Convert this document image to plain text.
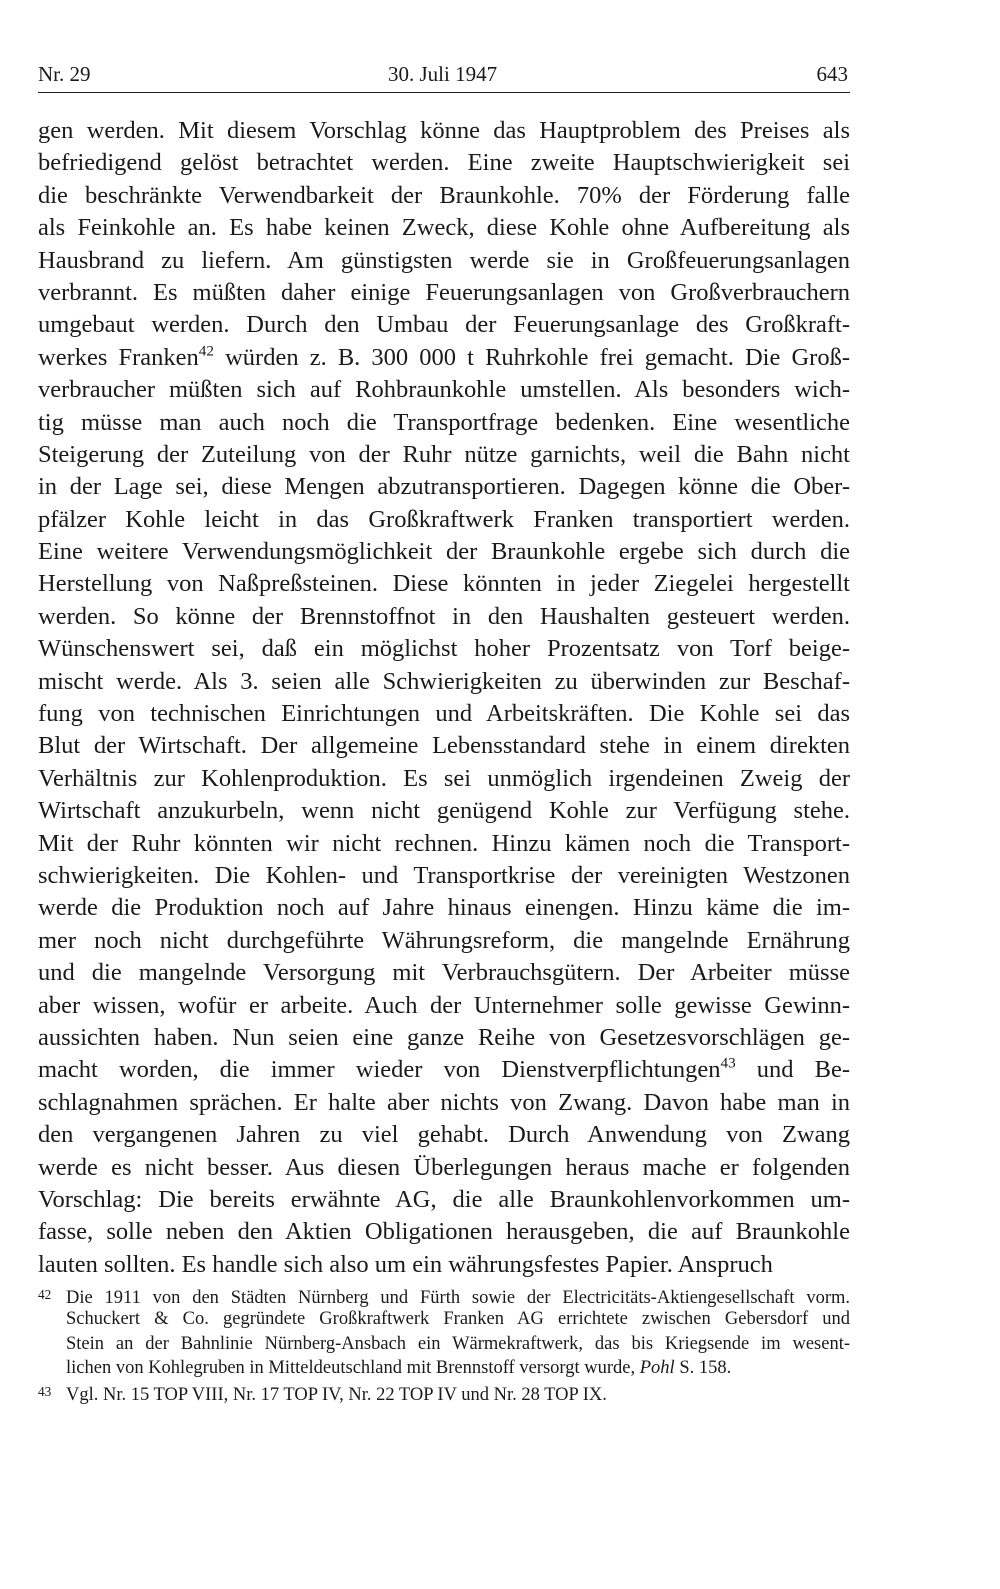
Nr. 29	30. Juli 1947	643
gen werden. Mit diesem Vorschlag könne das Hauptproblem des Preises als
befriedigend gelöst betrachtet werden. Eine zweite Hauptschwierigkeit sei
die beschränkte Verwendbarkeit der Braunkohle. 70% der Förderung falle
als Feinkohle an. Es habe keinen Zweck, diese Kohle ohne Aufbereitung als
Hausbrand zu liefern. Am günstigsten werde sie in Großfeuerungsanlagen
verbrannt. Es müßten daher einige Feuerungsanlagen von Großverbrauchern
umgebaut werden. Durch den Umbau der Feuerungsanlage des Großkraft-
werkes Franken$^{42}$ würden z. B. 300 000 t Ruhrkohle frei gemacht. Die Groß-
verbraucher müßten sich auf Rohbraunkohle umstellen. Als besonders wich-
tig müsse man auch noch die Transportfrage bedenken. Eine wesentliche
Steigerung der Zuteilung von der Ruhr nütze garnichts, weil die Bahn nicht
in der Lage sei, diese Mengen abzutransportieren. Dagegen könne die Ober-
pfälzer Kohle leicht in das Großkraftwerk Franken transportiert werden.
Eine weitere Verwendungsmöglichkeit der Braunkohle ergebe sich durch die
Herstellung von Naßpreßsteinen. Diese könnten in jeder Ziegelei hergestellt
werden. So könne der Brennstoffnot in den Haushalten gesteuert werden.
Wünschenswert sei, daß ein möglichst hoher Prozentsatz von Torf beige-
mischt werde. Als 3. seien alle Schwierigkeiten zu überwinden zur Beschaf-
fung von technischen Einrichtungen und Arbeitskräften. Die Kohle sei das
Blut der Wirtschaft. Der allgemeine Lebensstandard stehe in einem direkten
Verhältnis zur Kohlenproduktion. Es sei unmöglich irgendeinen Zweig der
Wirtschaft anzukurbeln, wenn nicht genügend Kohle zur Verfügung stehe.
Mit der Ruhr könnten wir nicht rechnen. Hinzu kämen noch die Transport-
schwierigkeiten. Die Kohlen- und Transportkrise der vereinigten Westzonen
werde die Produktion noch auf Jahre hinaus einengen. Hinzu käme die im-
mer noch nicht durchgeführte Währungsreform, die mangelnde Ernährung
und die mangelnde Versorgung mit Verbrauchsgütern. Der Arbeiter müsse
aber wissen, wofür er arbeite. Auch der Unternehmer solle gewisse Gewinn-
aussichten haben. Nun seien eine ganze Reihe von Gesetzesvorschlägen ge-
macht worden, die immer wieder von Dienstverpflichtungen$^{43}$ und Be-
schlagnahmen sprächen. Er halte aber nichts von Zwang. Davon habe man in
den vergangenen Jahren zu viel gehabt. Durch Anwendung von Zwang
werde es nicht besser. Aus diesen Überlegungen heraus mache er folgenden
Vorschlag: Die bereits erwähnte AG, die alle Braunkohlenvorkommen um-
fasse, solle neben den Aktien Obligationen herausgeben, die auf Braunkohle
lauten sollten. Es handle sich also um ein währungsfestes Papier. Anspruch
42 Die 1911 von den Städten Nürnberg und Fürth sowie der Electricitäts-Aktiengesellschaft vorm.
Schuckert & Co. gegründete Großkraftwerk Franken AG errichtete zwischen Gebersdorf und
Stein an der Bahnlinie Nürnberg-Ansbach ein Wärmekraftwerk, das bis Kriegsende im wesent-
lichen von Kohlegruben in Mitteldeutschland mit Brennstoff versorgt wurde, Pohl S. 158.
43 Vgl. Nr. 15 TOP VIII, Nr. 17 TOP IV, Nr. 22 TOP IV und Nr. 28 TOP IX.
